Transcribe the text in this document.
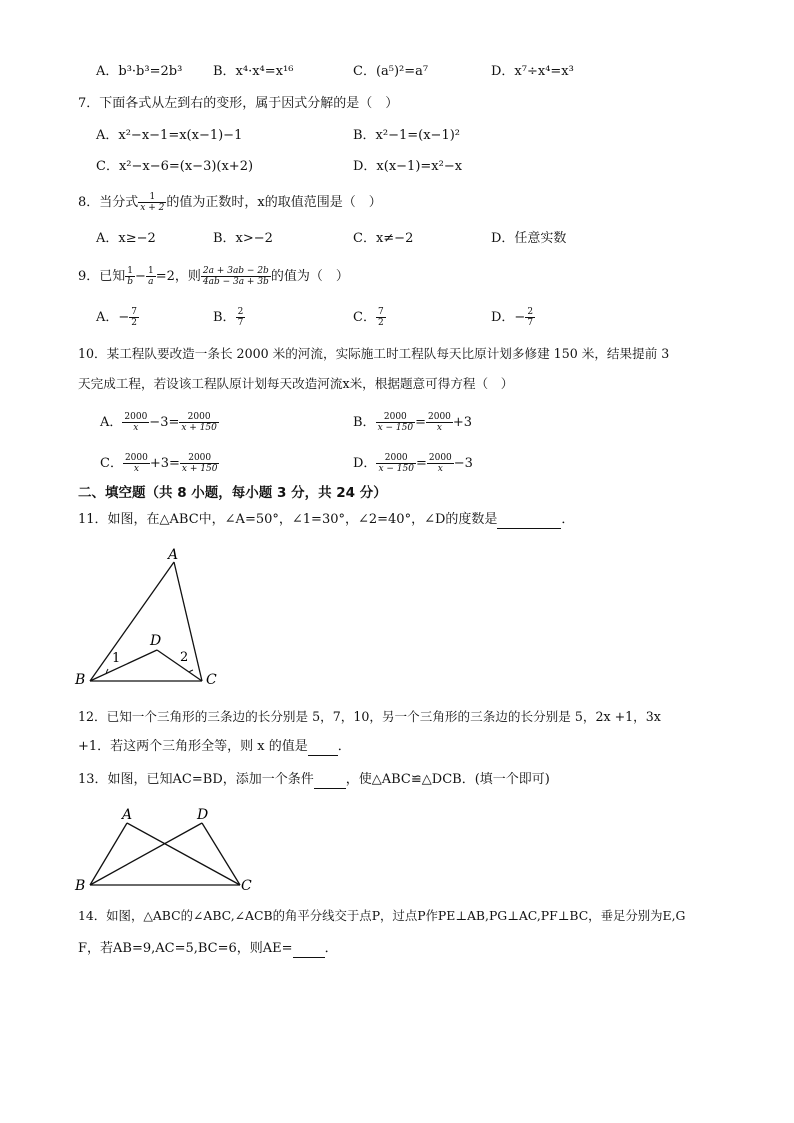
A．b³·b³=2b³ B．x⁴·x⁴=x¹⁶	C．(a⁵)²=a⁷	D．x⁷÷x⁴=x³
7．下面各式从左到右的变形，属于因式分解的是（　）
A．x²−x−1=x(x−1)−1	B．x²−1=(x−1)²
C．x²−x−6=(x−3)(x+2)	D．x(x−1)=x²−x
8．当分式 $\frac{1}{x + 2}$ 的值为正数时，x的取值范围是（　）
A．x≥−2	B．x>−2	C．x≠−2	D．任意实数
9．已知 $\frac{1}{b} - \frac{1}{a} =2$，则 $\frac{2a + 3ab - 2b}{4ab - 3a + 3b}$ 的值为（　）
A．− $\frac{7}{2}$	B． $\frac{2}{7}$	C． $\frac{7}{2}$	D．− $\frac{2}{7}$
10．某工程队要改造一条长 2000 米的河流，实际施工时工程队每天比原计划多修建 150 米，结果提前 3
天完成工程，若设该工程队原计划每天改造河流x米，根据题意可得方程（　）
A． $\frac{2000}{x} -3= \frac{2000}{x + 150}$	B． $\frac{2000}{x - 150} = \frac{2000}{x} +3$
C． $\frac{2000}{x} +3= \frac{2000}{x + 150}$	D． $\frac{2000}{x - 150} = \frac{2000}{x} -3$
二、填空题（共 8 小题，每小题 3 分，共 24 分）
11．如图，在△ABC中，∠A=50°，∠1=30°，∠2=40°，∠D的度数是	．
A
B	C
D
1	2
12．已知一个三角形的三条边的长分别是 5，7，10，另一个三角形的三条边的长分别是 5，2x +1，3x
+1．若这两个三角形全等，则 x 的值是 ．
13．如图，已知AC=BD，添加一个条件 ，使△ABC≌△DCB．(填一个即可)
A	D
B	C
14．如图，△ABC的∠ABC,∠ACB的角平分线交于点P，过点P作PE⊥AB,PG⊥AC,PF⊥BC，垂足分别为E,G
F，若AB=9,AC=5,BC=6，则AE= ．
